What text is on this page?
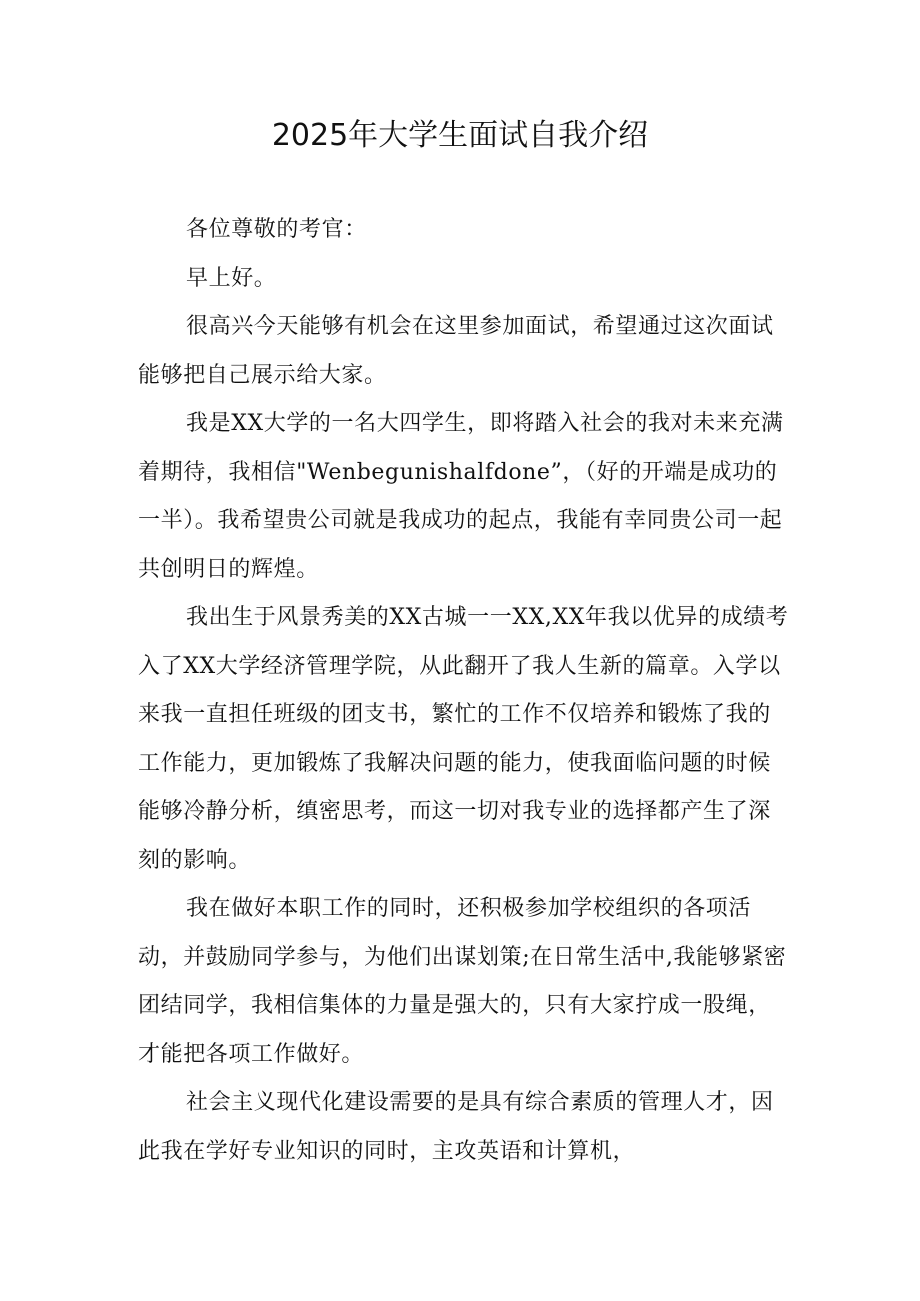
2025年大学生面试自我介绍

各位尊敬的考官：

早上好。

很高兴今天能够有机会在这里参加面试，希望通过这次面试能够把自己展示给大家。

我是XX大学的一名大四学生，即将踏入社会的我对未来充满着期待，我相信"Wenbegunishalfdone”，（好的开端是成功的一半）。我希望贵公司就是我成功的起点，我能有幸同贵公司一起共创明日的辉煌。

我出生于风景秀美的XX古城一一XX,XX年我以优异的成绩考入了XX大学经济管理学院，从此翻开了我人生新的篇章。入学以来我一直担任班级的团支书，繁忙的工作不仅培养和锻炼了我的工作能力，更加锻炼了我解决问题的能力，使我面临问题的时候能够冷静分析，缜密思考，而这一切对我专业的选择都产生了深刻的影响。

我在做好本职工作的同时，还积极参加学校组织的各项活动，并鼓励同学参与，为他们出谋划策;在日常生活中,我能够紧密团结同学，我相信集体的力量是强大的，只有大家拧成一股绳，才能把各项工作做好。

社会主义现代化建设需要的是具有综合素质的管理人才，因此我在学好专业知识的同时，主攻英语和计算机，
